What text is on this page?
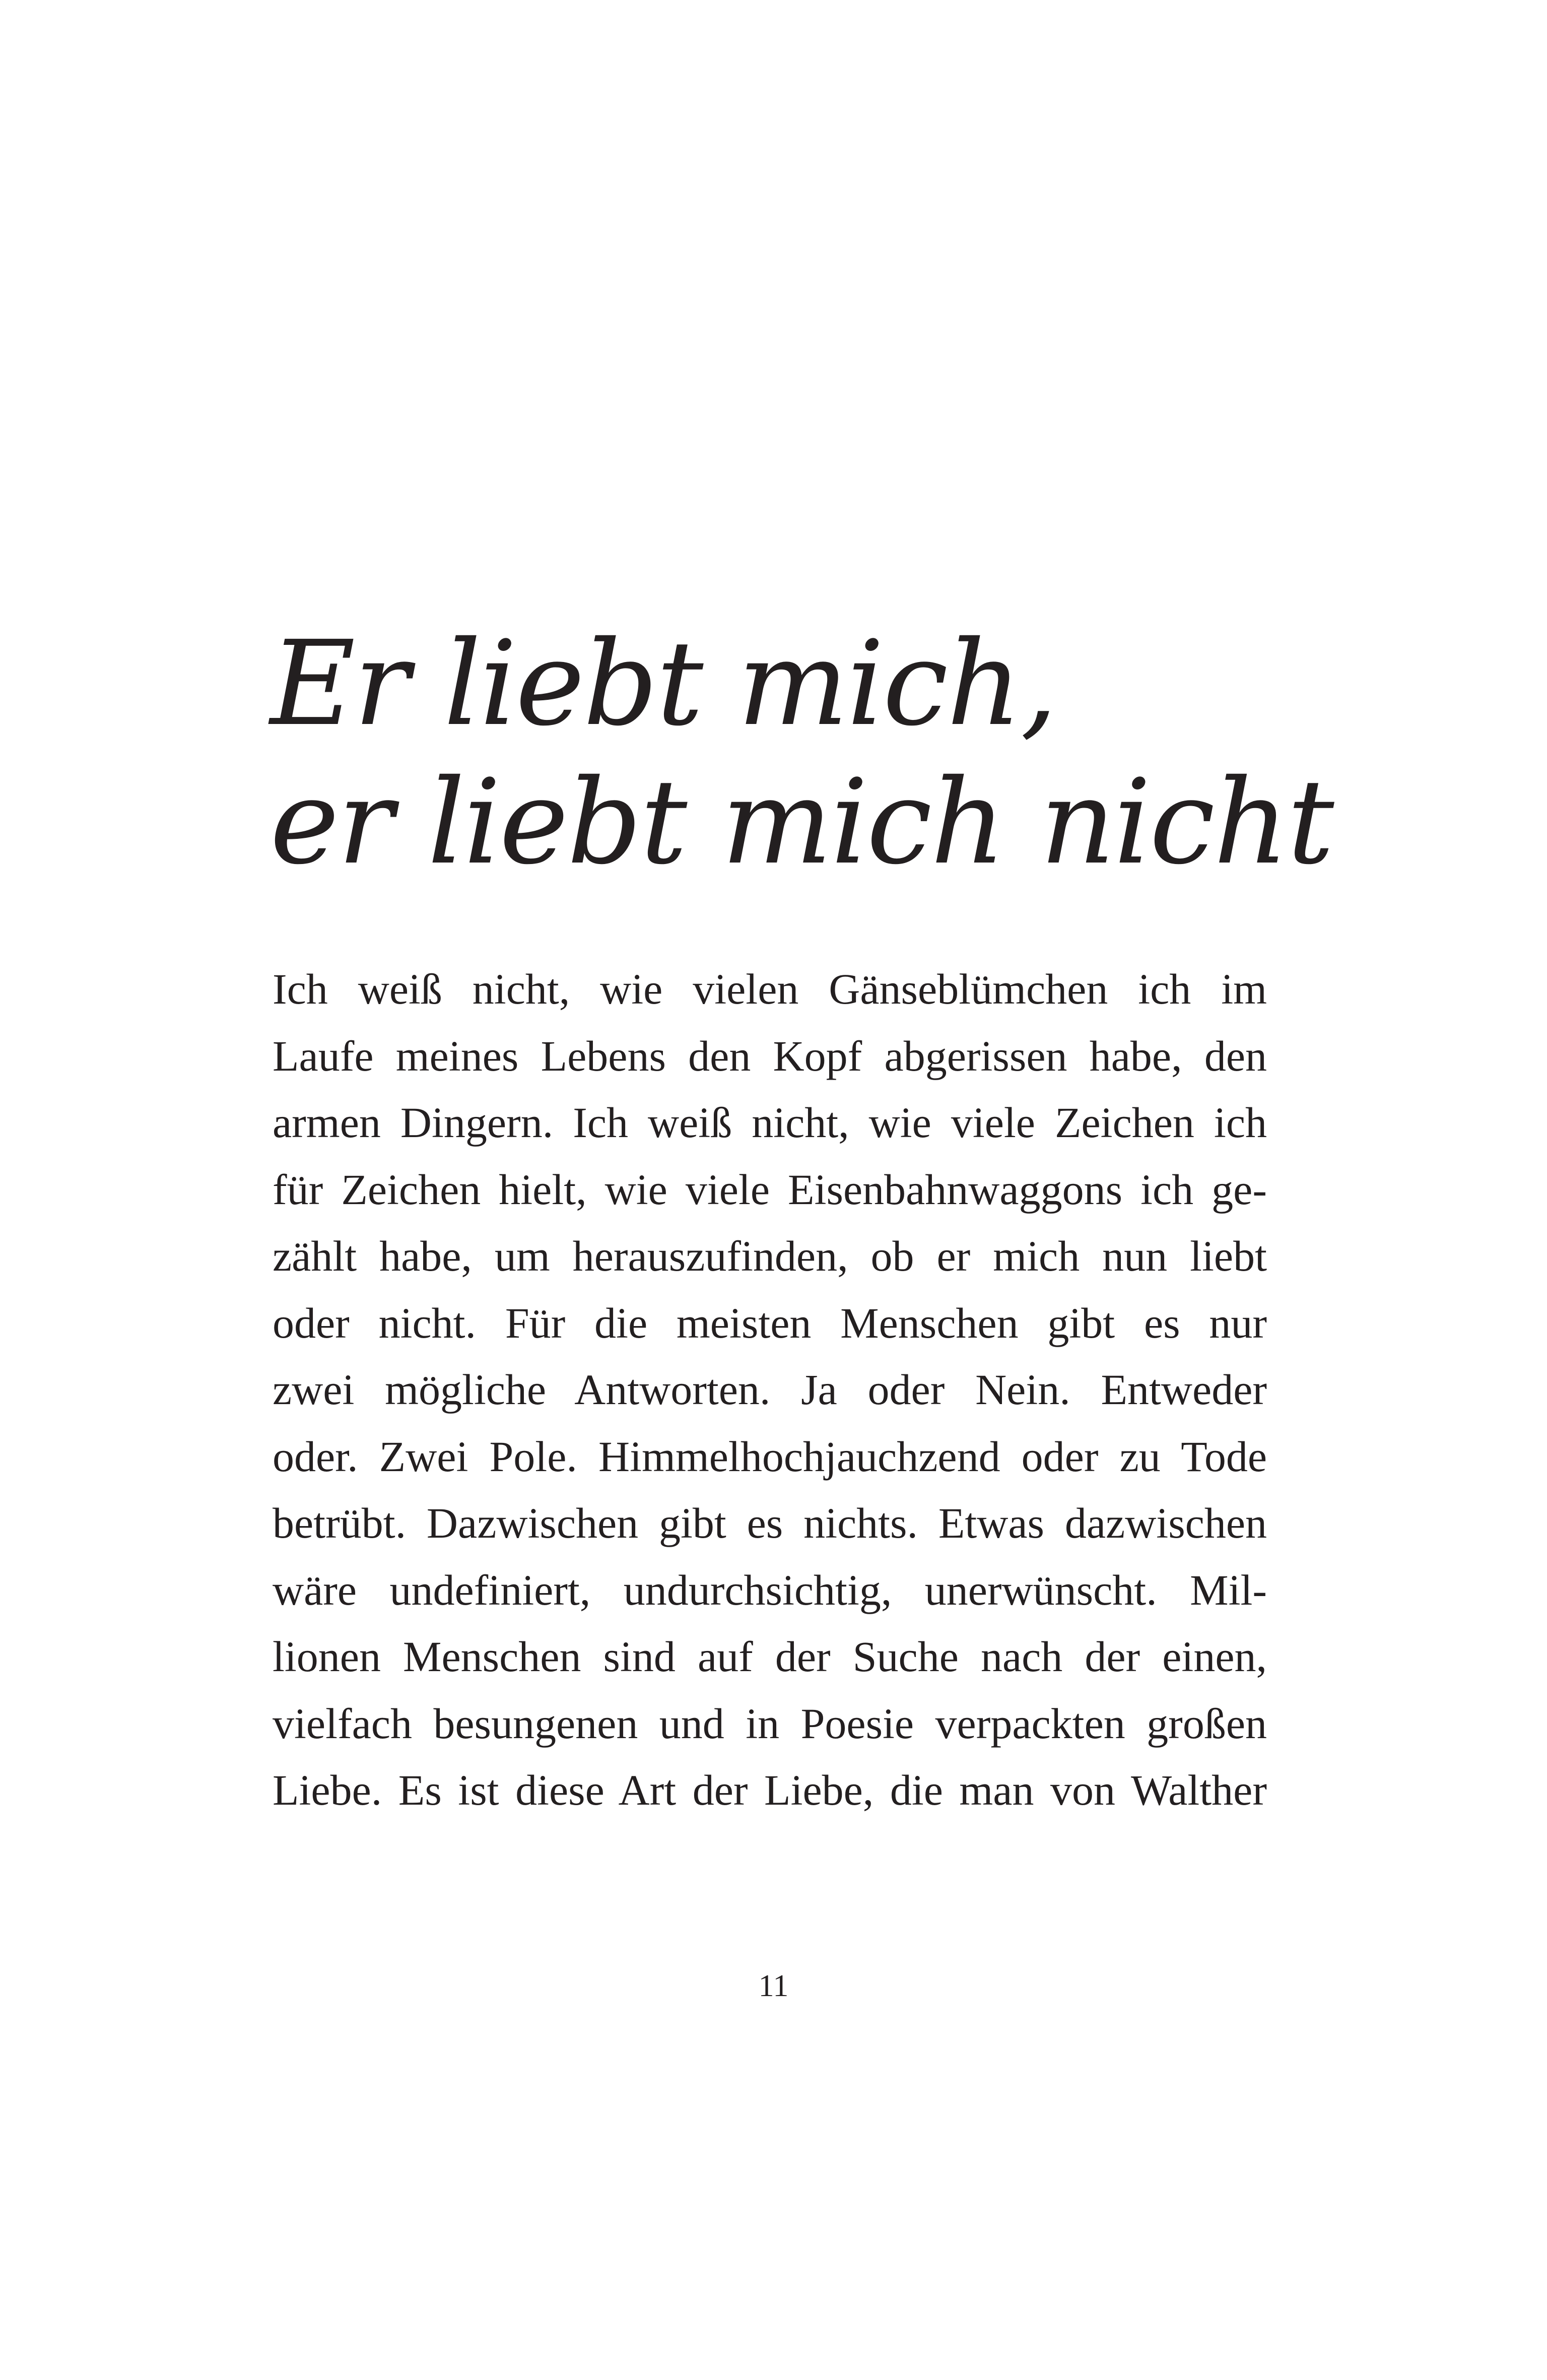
Er liebt mich,
er liebt mich nicht
Ich weiß nicht, wie vielen Gänseblümchen ich im
Laufe meines Lebens den Kopf abgerissen habe, den
armen Dingern. Ich weiß nicht, wie viele Zeichen ich
für Zeichen hielt, wie viele Eisenbahnwaggons ich ge-
zählt habe, um herauszufinden, ob er mich nun liebt
oder nicht. Für die meisten Menschen gibt es nur
zwei mögliche Antworten. Ja oder Nein. Entweder
oder. Zwei Pole. Himmelhochjauchzend oder zu Tode
betrübt. Dazwischen gibt es nichts. Etwas dazwischen
wäre undefiniert, undurchsichtig, unerwünscht. Mil-
lionen Menschen sind auf der Suche nach der einen,
vielfach besungenen und in Poesie verpackten großen
Liebe. Es ist diese Art der Liebe, die man von Walther
11
